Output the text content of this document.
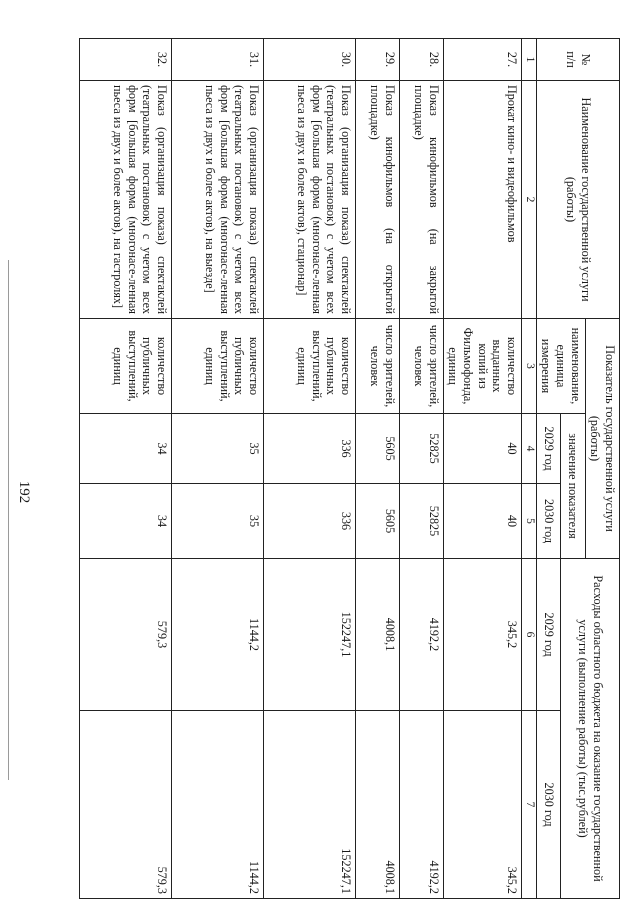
192
№
п/п	Наименование государственной услуги (работы)	Показатель государственной услуги (работы)			Расходы областного бюджета на оказание государственной услуги (выполнение работы) (тыс.рублей)	
		наименование, единица измерения	значение показателя			
			2029 год	2030 год	2029 год	2030 год
1	2	3	4	5	6	7
27.	Прокат кино- и видеофильмов	количество выданных копий из Фильмофонда, единиц	40	40	345,2	345,2
28.	Показ кинофильмов (на закрытой площадке)	число зрителей, человек	52825	52825	4192,2	4192,2
29.	Показ кинофильмов (на открытой площадке)	число зрителей, человек	5605	5605	4008,1	4008,1
30.	Показ (организация показа) спектаклей (театральных постановок) с учетом всех форм [большая форма (многонасе-ленная пьеса из двух и более актов), стационар]	количество публичных выступлений, единиц	336	336	152247,1	152247,1
31.	Показ (организация показа) спектаклей (театральных постановок) с учетом всех форм [большая форма (многонасе-ленная пьеса из двух и более актов), на выезде]	количество публичных выступлений, единиц	35	35	1144,2	1144,2
32.	Показ (организация показа) спектаклей (театральных постановок) с учетом всех форм [большая форма (многонасе-ленная пьеса из двух и более актов), на гастролях]	количество публичных выступлений, единиц	34	34	579,3	579,3
